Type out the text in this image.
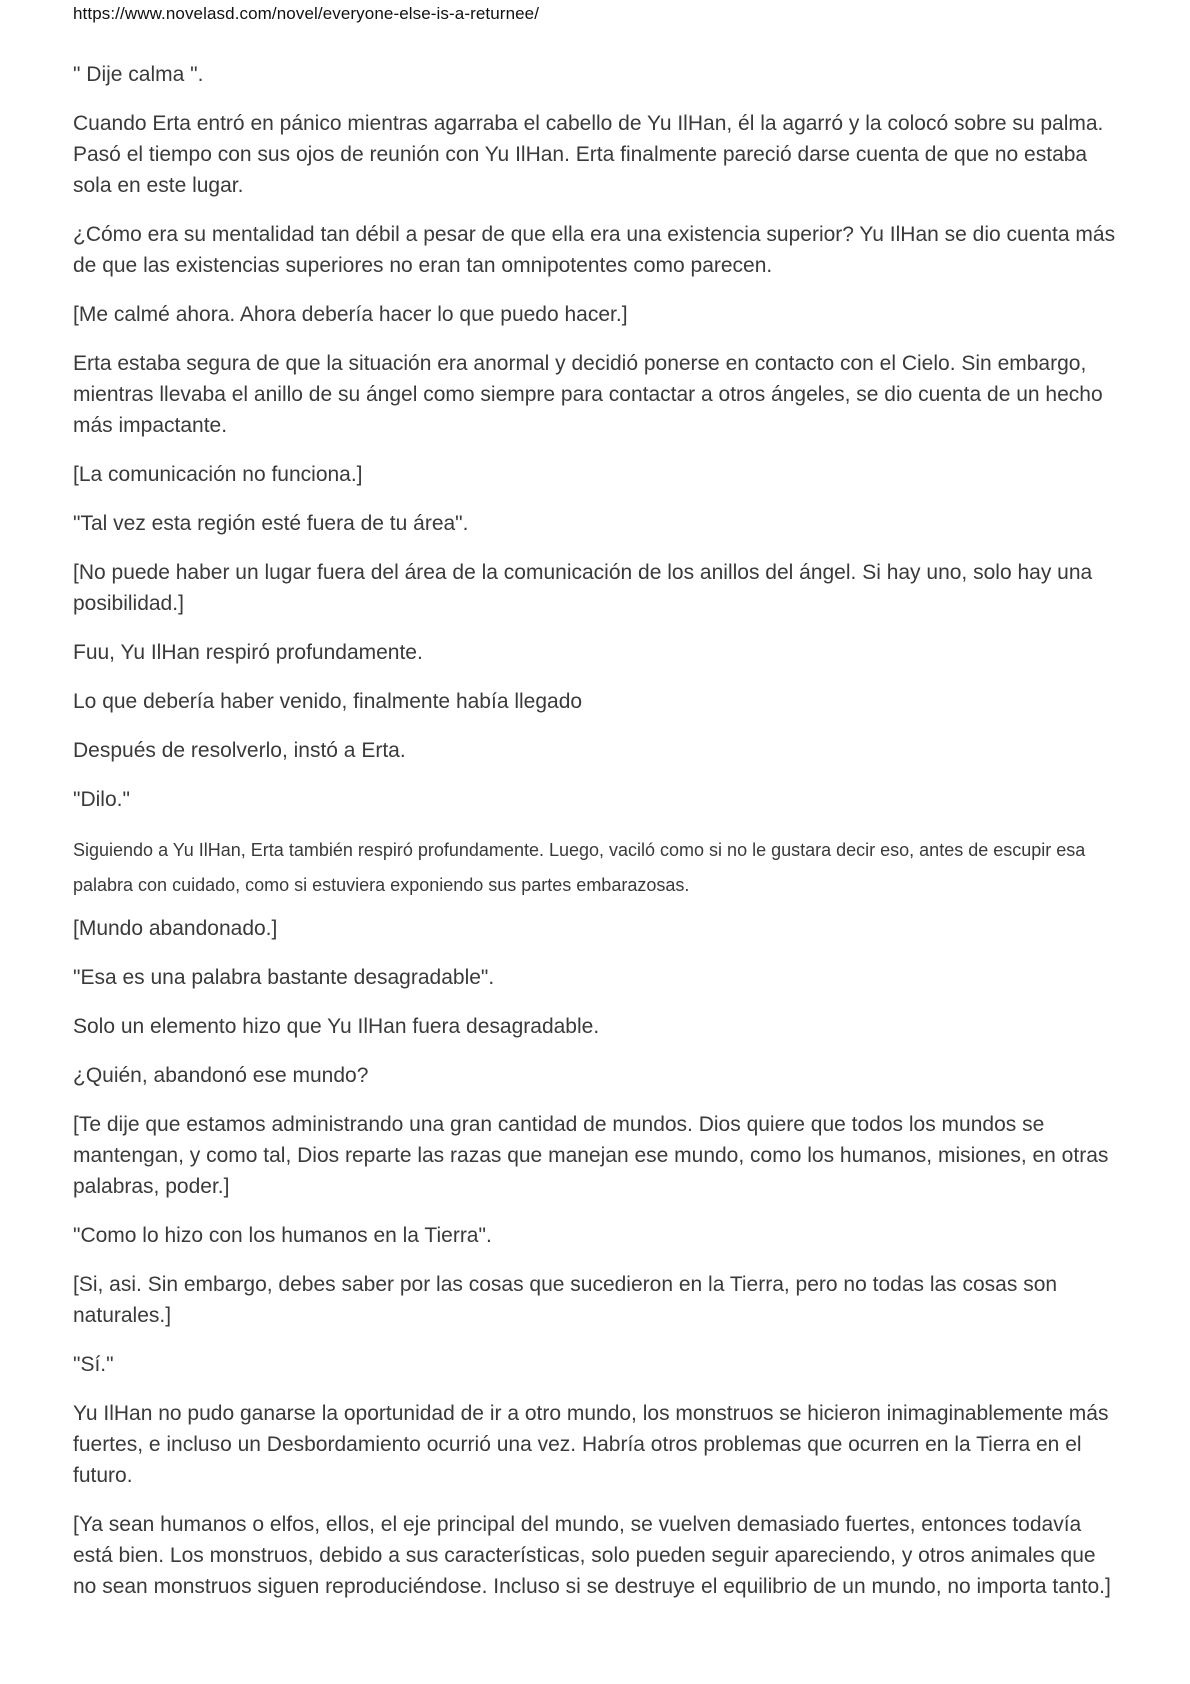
https://www.novelasd.com/novel/everyone-else-is-a-returnee/

" Dije calma ".

Cuando Erta entró en pánico mientras agarraba el cabello de Yu IlHan, él la agarró y la colocó sobre su palma. Pasó el tiempo con sus ojos de reunión con Yu IlHan. Erta finalmente pareció darse cuenta de que no estaba sola en este lugar.

¿Cómo era su mentalidad tan débil a pesar de que ella era una existencia superior? Yu IlHan se dio cuenta más de que las existencias superiores no eran tan omnipotentes como parecen.

[Me calmé ahora. Ahora debería hacer lo que puedo hacer.]

Erta estaba segura de que la situación era anormal y decidió ponerse en contacto con el Cielo. Sin embargo, mientras llevaba el anillo de su ángel como siempre para contactar a otros ángeles, se dio cuenta de un hecho más impactante.

[La comunicación no funciona.]

"Tal vez esta región esté fuera de tu área".

[No puede haber un lugar fuera del área de la comunicación de los anillos del ángel. Si hay uno, solo hay una posibilidad.]

Fuu, Yu IlHan respiró profundamente.

Lo que debería haber venido, finalmente había llegado

Después de resolverlo, instó a Erta.

"Dilo."

Siguiendo a Yu IlHan, Erta también respiró profundamente. Luego, vaciló como si no le gustara decir eso, antes de escupir esa palabra con cuidado, como si estuviera exponiendo sus partes embarazosas.

[Mundo abandonado.]

"Esa es una palabra bastante desagradable".

Solo un elemento hizo que Yu IlHan fuera desagradable.

¿Quién, abandonó ese mundo?

[Te dije que estamos administrando una gran cantidad de mundos. Dios quiere que todos los mundos se mantengan, y como tal, Dios reparte las razas que manejan ese mundo, como los humanos, misiones, en otras palabras, poder.]

"Como lo hizo con los humanos en la Tierra".

[Si, asi. Sin embargo, debes saber por las cosas que sucedieron en la Tierra, pero no todas las cosas son naturales.]

"Sí."

Yu IlHan no pudo ganarse la oportunidad de ir a otro mundo, los monstruos se hicieron inimaginablemente más fuertes, e incluso un Desbordamiento ocurrió una vez. Habría otros problemas que ocurren en la Tierra en el futuro.

[Ya sean humanos o elfos, ellos, el eje principal del mundo, se vuelven demasiado fuertes, entonces todavía está bien. Los monstruos, debido a sus características, solo pueden seguir apareciendo, y otros animales que no sean monstruos siguen reproduciéndose. Incluso si se destruye el equilibrio de un mundo, no importa tanto.]
